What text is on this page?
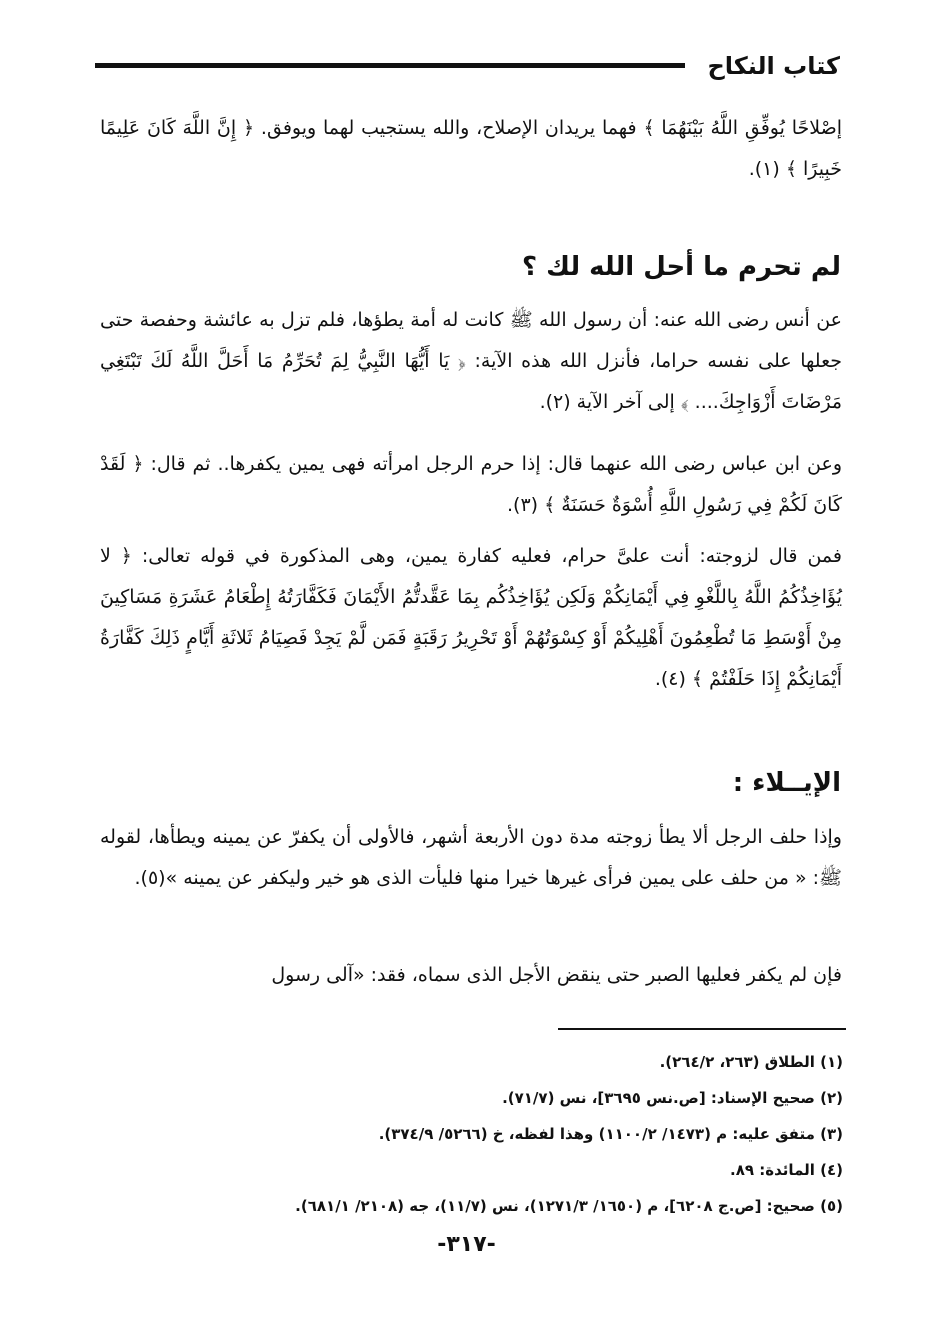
كتاب النكاح

إصْلاحًا يُوفِّقِ اللَّهُ بَيْنَهُمَا ﴾ فهما يريدان الإصلاح، والله يستجيب لهما ويوفق. ﴿ إِنَّ اللَّهَ كَانَ عَلِيمًا خَبِيرًا ﴾ (١).

لم تحرم ما أحل الله لك ؟

عن أنس رضى الله عنه: أن رسول الله ﷺ كانت له أمة يطؤها، فلم تزل به عائشة وحفصة حتى جعلها على نفسه حراما، فأنزل الله هذه الآية: ﴿ يَا أَيُّهَا النَّبِيُّ لِمَ تُحَرِّمُ مَا أَحَلَّ اللَّهُ لَكَ تَبْتَغِي مَرْضَاتَ أَزْوَاجِكَ.... ﴾ إلى آخر الآية (٢).

وعن ابن عباس رضى الله عنهما قال: إذا حرم الرجل امرأته فهى يمين يكفرها.. ثم قال: ﴿ لَقَدْ كَانَ لَكُمْ فِي رَسُولِ اللَّهِ أُسْوَةٌ حَسَنَةٌ ﴾ (٣).

فمن قال لزوجته: أنت علىَّ حرام، فعليه كفارة يمين، وهى المذكورة في قوله تعالى: ﴿ لا يُؤَاخِذُكُمُ اللَّهُ بِاللَّغْوِ فِي أَيْمَانِكُمْ وَلَكِن يُؤَاخِذُكُم بِمَا عَقَّدتُّمُ الأَيْمَانَ فَكَفَّارَتُهُ إِطْعَامُ عَشَرَةِ مَسَاكِينَ مِنْ أَوْسَطِ مَا تُطْعِمُونَ أَهْلِيكُمْ أَوْ كِسْوَتُهُمْ أَوْ تَحْرِيرُ رَقَبَةٍ فَمَن لَّمْ يَجِدْ فَصِيَامُ ثَلاثَةِ أَيَّامٍ ذَلِكَ كَفَّارَةُ أَيْمَانِكُمْ إِذَا حَلَفْتُمْ ﴾ (٤).

الإيــلاء :

وإذا حلف الرجل ألا يطأ زوجته مدة دون الأربعة أشهر، فالأولى أن يكفرّ عن يمينه ويطأها، لقوله ﷺ: « من حلف على يمين فرأى غيرها خيرا منها فليأت الذى هو خير وليكفر عن يمينه »(٥).

فإن لم يكفر فعليها الصبر حتى ينقض الأجل الذى سماه، فقد: «آلى رسول

(١) الطلاق (٢٦٣، ٢٦٤/٢).

(٢) صحيح الإسناد: [ص.نس ٣٦٩٥]، نس (٧١/٧).

(٣) متفق عليه: م (١٤٧٣/ ١١٠٠/٢) وهذا لفظه، خ (٥٢٦٦/ ٣٧٤/٩).

(٤) المائدة: ٨٩.

(٥) صحيح: [ص.ج ٦٢٠٨]، م (١٦٥٠/ ١٢٧١/٣)، نس (١١/٧)، جه (٢١٠٨/ ٦٨١/١).

-٣١٧-
